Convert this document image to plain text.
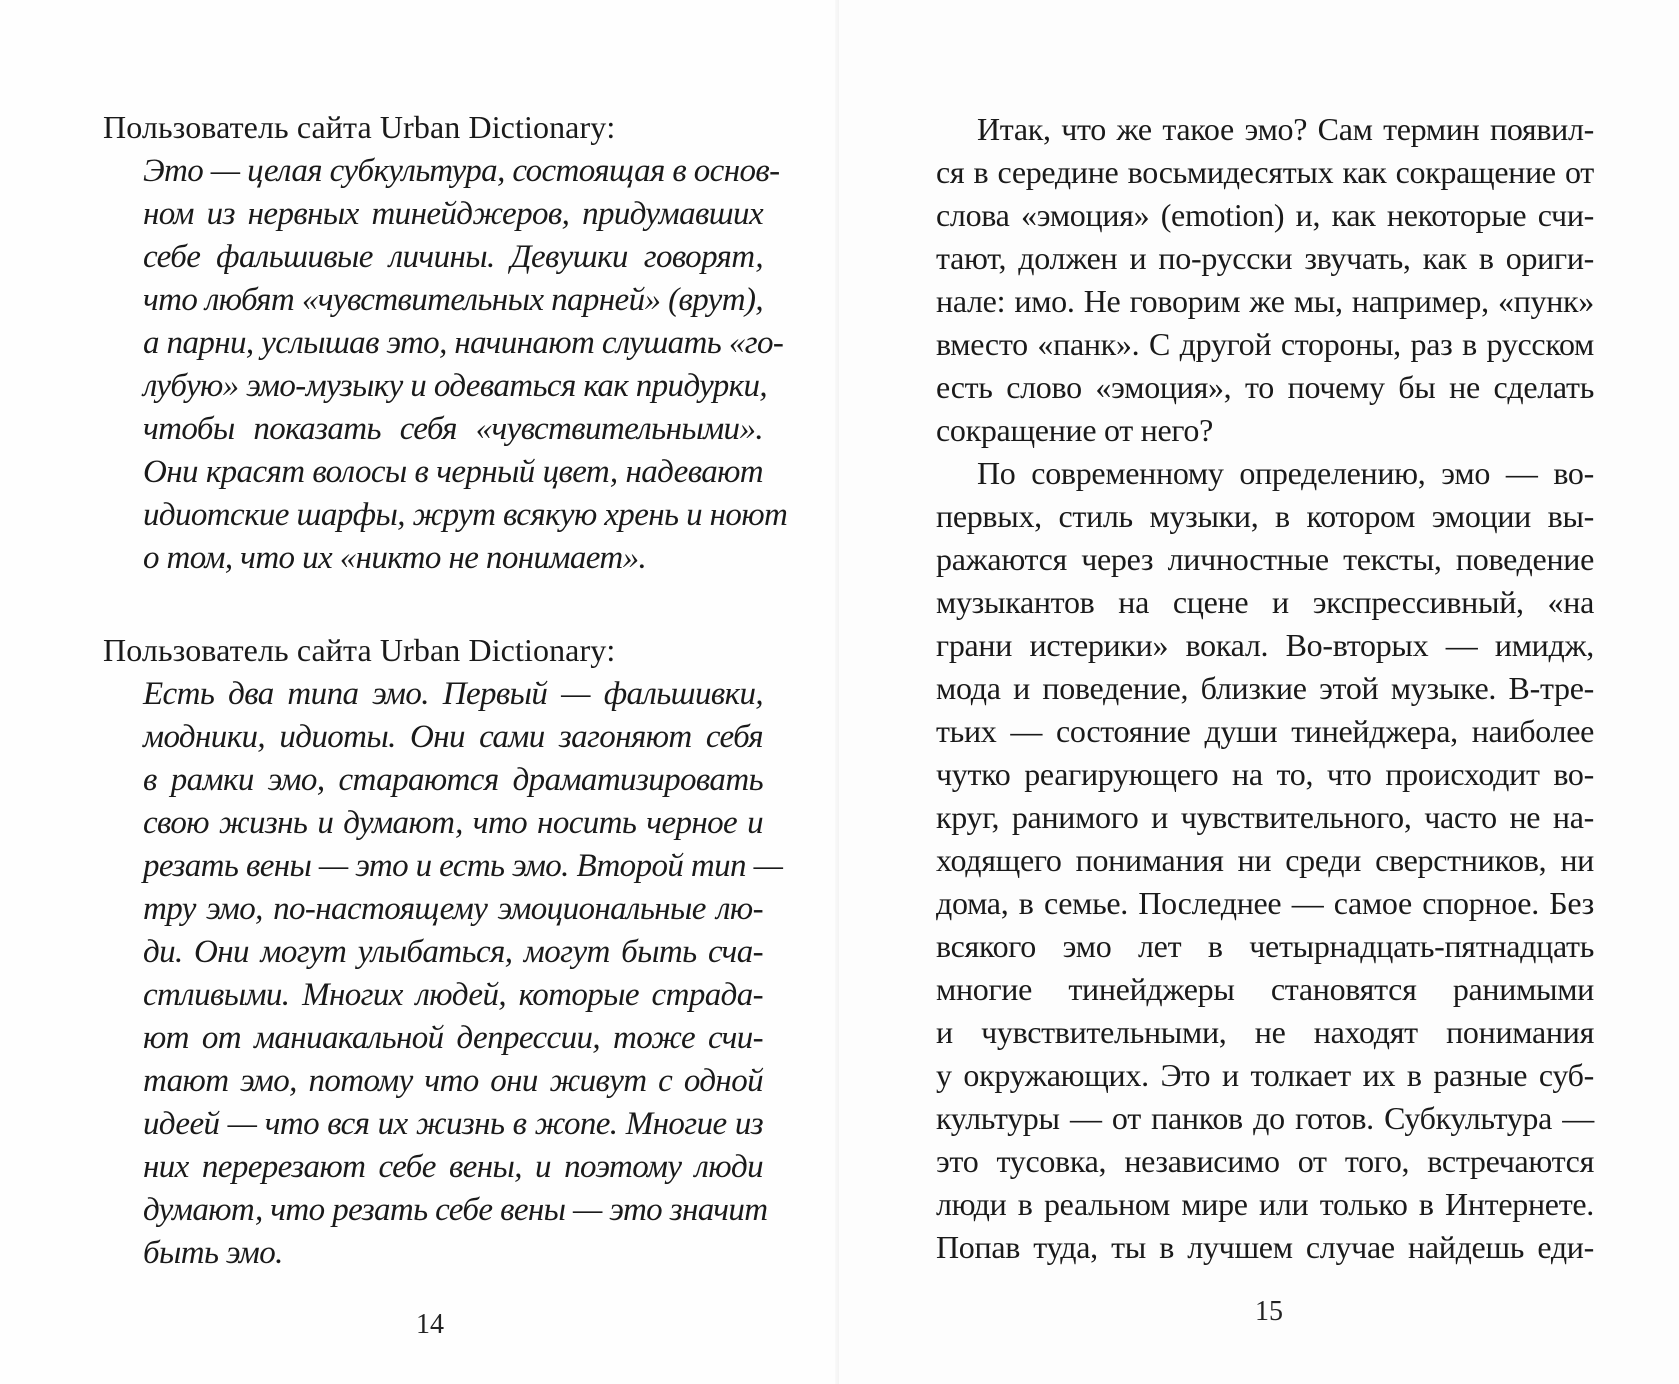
Пользователь сайта Urban Dictionary:

Это — целая субкультура, состоящая в основ-

ном из нервных тинейджеров, придумавших

себе фальшивые личины. Девушки говорят,

что любят «чувствительных парней» (врут),

а парни, услышав это, начинают слушать «го-

лубую» эмо-музыку и одеваться как придурки,

чтобы показать себя «чувствительными».

Они красят волосы в черный цвет, надевают

идиотские шарфы, жрут всякую хрень и ноют

о том, что их «никто не понимает».

Пользователь сайта Urban Dictionary:

Есть два типа эмо. Первый — фальшивки,

модники, идиоты. Они сами загоняют себя

в рамки эмо, стараются драматизировать

свою жизнь и думают, что носить черное и

резать вены — это и есть эмо. Второй тип —

тру эмо, по-настоящему эмоциональные лю-

ди. Они могут улыбаться, могут быть сча-

стливыми. Многих людей, которые страда-

ют от маниакальной депрессии, тоже счи-

тают эмо, потому что они живут с одной

идеей — что вся их жизнь в жопе. Многие из

них перерезают себе вены, и поэтому люди

думают, что резать себе вены — это значит

быть эмо.

14

Итак, что же такое эмо? Сам термин появил-

ся в середине восьмидесятых как сокращение от

слова «эмоция» (emotion) и, как некоторые счи-

тают, должен и по-русски звучать, как в ориги-

нале: имо. Не говорим же мы, например, «пунк»

вместо «панк». С другой стороны, раз в русском

есть слово «эмоция», то почему бы не сделать

сокращение от него?

По современному определению, эмо — во-

первых, стиль музыки, в котором эмоции вы-

ражаются через личностные тексты, поведение

музыкантов на сцене и экспрессивный, «на

грани истерики» вокал. Во-вторых — имидж,

мода и поведение, близкие этой музыке. В-тре-

тьих — состояние души тинейджера, наиболее

чутко реагирующего на то, что происходит во-

круг, ранимого и чувствительного, часто не на-

ходящего понимания ни среди сверстников, ни

дома, в семье. Последнее — самое спорное. Без

всякого эмо лет в четырнадцать-пятнадцать

многие тинейджеры становятся ранимыми

и чувствительными, не находят понимания

у окружающих. Это и толкает их в разные суб-

культуры — от панков до готов. Субкультура —

это тусовка, независимо от того, встречаются

люди в реальном мире или только в Интернете.

Попав туда, ты в лучшем случае найдешь еди-

15
